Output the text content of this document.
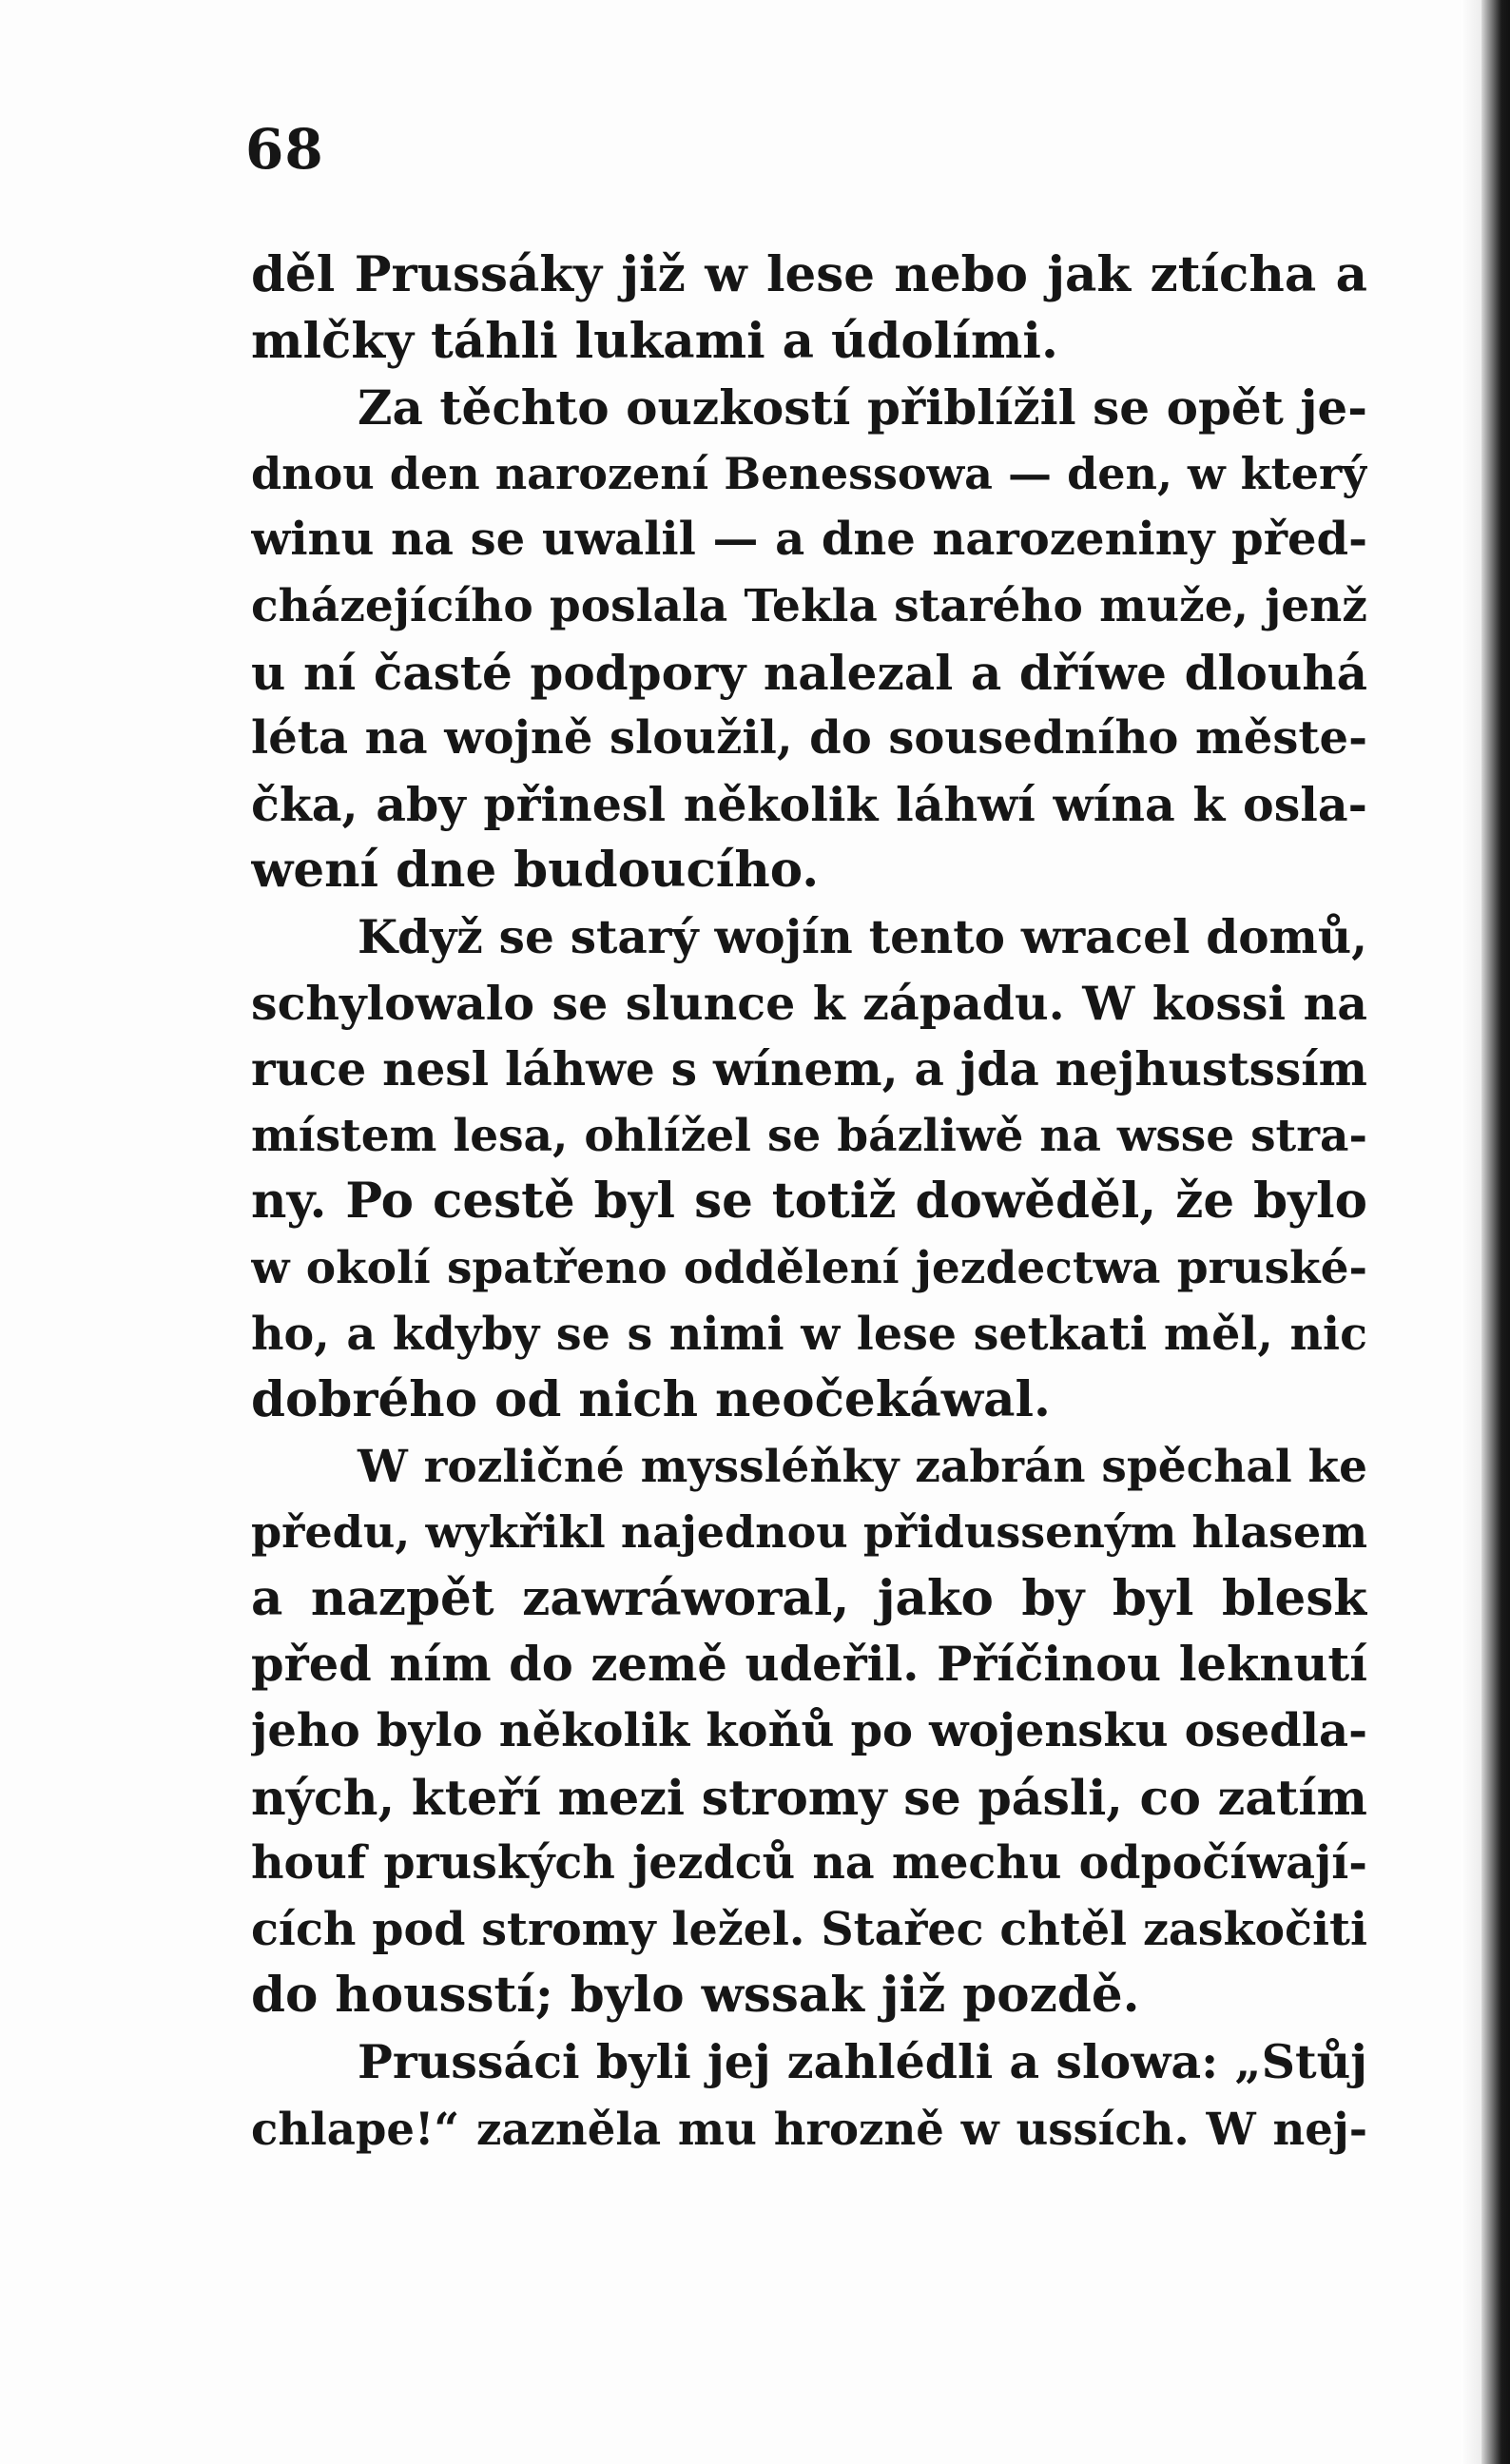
68
děl Prussáky již w lese nebo jak ztícha a
mlčky táhli lukami a údolími.
Za těchto ouzkostí přiblížil se opět je-
dnou den narození Benessowa — den, w který
winu na se uwalil — a dne narozeniny před-
cházejícího poslala Tekla starého muže, jenž
u ní časté podpory nalezal a dříwe dlouhá
léta na wojně sloužil, do sousedního měste-
čka, aby přinesl několik láhwí wína k osla-
wení dne budoucího.
Když se starý wojín tento wracel domů,
schylowalo se slunce k západu. W kossi na
ruce nesl láhwe s wínem, a jda nejhustssím
místem lesa, ohlížel se bázliwě na wsse stra-
ny. Po cestě byl se totiž dowěděl, že bylo
w okolí spatřeno oddělení jezdectwa pruské-
ho, a kdyby se s nimi w lese setkati měl, nic
dobrého od nich neočekáwal.
W rozličné myssléňky zabrán spěchal ke
předu, wykřikl najednou přidusseným hlasem
a nazpět zawráworal, jako by byl blesk
před ním do země udeřil. Příčinou leknutí
jeho bylo několik koňů po wojensku osedla-
ných, kteří mezi stromy se pásli, co zatím
houf pruských jezdců na mechu odpočíwají-
cích pod stromy ležel. Stařec chtěl zaskočiti
do housstí; bylo wssak již pozdě.
Prussáci byli jej zahlédli a slowa: „Stůj
chlape!“ zazněla mu hrozně w ussích. W nej-
